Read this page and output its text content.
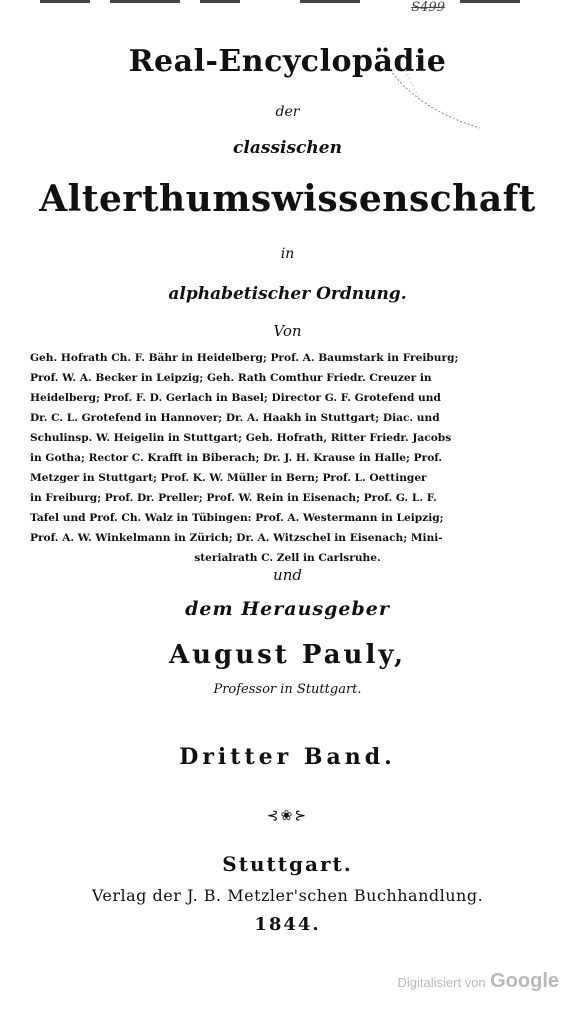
S499
Real-Encyclopädie
der
classischen
Alterthumswissenschaft
in
alphabetischer Ordnung.
Von

Geh. Hofrath Ch. F. Bähr in Heidelberg; Prof. A. Baumstark in Freiburg;

Prof. W. A. Becker in Leipzig; Geh. Rath Comthur Friedr. Creuzer in

Heidelberg; Prof. F. D. Gerlach in Basel; Director G. F. Grotefend und

Dr. C. L. Grotefend in Hannover; Dr. A. Haakh in Stuttgart; Diac. und

Schulinsp. W. Heigelin in Stuttgart; Geh. Hofrath, Ritter Friedr. Jacobs

in Gotha; Rector C. Krafft in Biberach; Dr. J. H. Krause in Halle; Prof.

Metzger in Stuttgart; Prof. K. W. Müller in Bern; Prof. L. Oettinger

in Freiburg; Prof. Dr. Preller; Prof. W. Rein in Eisenach; Prof. G. L. F.

Tafel und Prof. Ch. Walz in Tübingen: Prof. A. Westermann in Leipzig;

Prof. A. W. Winkelmann in Zürich; Dr. A. Witzschel in Eisenach; Mini-

sterialrath C. Zell in Carlsruhe.

und
dem Herausgeber
August Pauly,
Professor in Stuttgart.
Dritter Band.
⊰❀⊱
Stuttgart.
Verlag der J. B. Metzler'schen Buchhandlung.
1844.
Digitalisiert von Google
